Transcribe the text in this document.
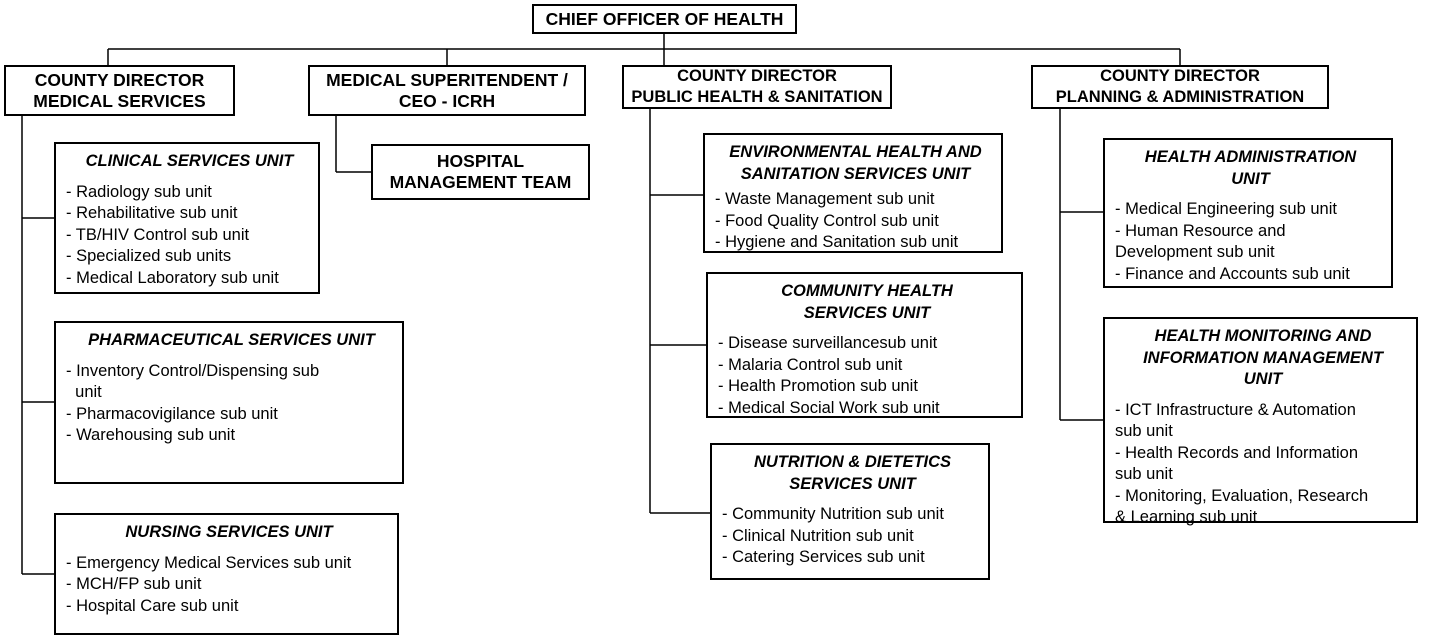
CHIEF OFFICER OF HEALTH
COUNTY DIRECTOR
MEDICAL SERVICES
MEDICAL SUPERITENDENT /
CEO - ICRH
COUNTY DIRECTOR
PUBLIC HEALTH & SANITATION
COUNTY DIRECTOR
PLANNING & ADMINISTRATION
HOSPITAL
MANAGEMENT TEAM
CLINICAL SERVICES UNIT
- Radiology sub unit
- Rehabilitative sub unit
- TB/HIV Control sub unit
- Specialized sub units
- Medical Laboratory sub unit
PHARMACEUTICAL SERVICES UNIT
- Inventory Control/Dispensing sub
unit
- Pharmacovigilance sub unit
- Warehousing sub unit
NURSING SERVICES UNIT
- Emergency Medical Services sub unit
- MCH/FP sub unit
- Hospital Care sub unit
ENVIRONMENTAL HEALTH AND
SANITATION SERVICES UNIT
- Waste Management sub unit
- Food Quality Control sub unit
- Hygiene and Sanitation sub unit
COMMUNITY HEALTH
SERVICES UNIT
- Disease surveillancesub unit
- Malaria Control sub unit
- Health Promotion sub unit
- Medical Social Work sub unit
NUTRITION & DIETETICS
SERVICES UNIT
- Community Nutrition sub unit
- Clinical Nutrition sub unit
- Catering Services sub unit
HEALTH ADMINISTRATION
UNIT
- Medical Engineering sub unit
- Human Resource and
Development sub unit
- Finance and Accounts sub unit
HEALTH MONITORING AND
INFORMATION MANAGEMENT
UNIT
- ICT Infrastructure & Automation
sub unit
- Health Records and Information
sub unit
- Monitoring, Evaluation, Research
& Learning sub unit
